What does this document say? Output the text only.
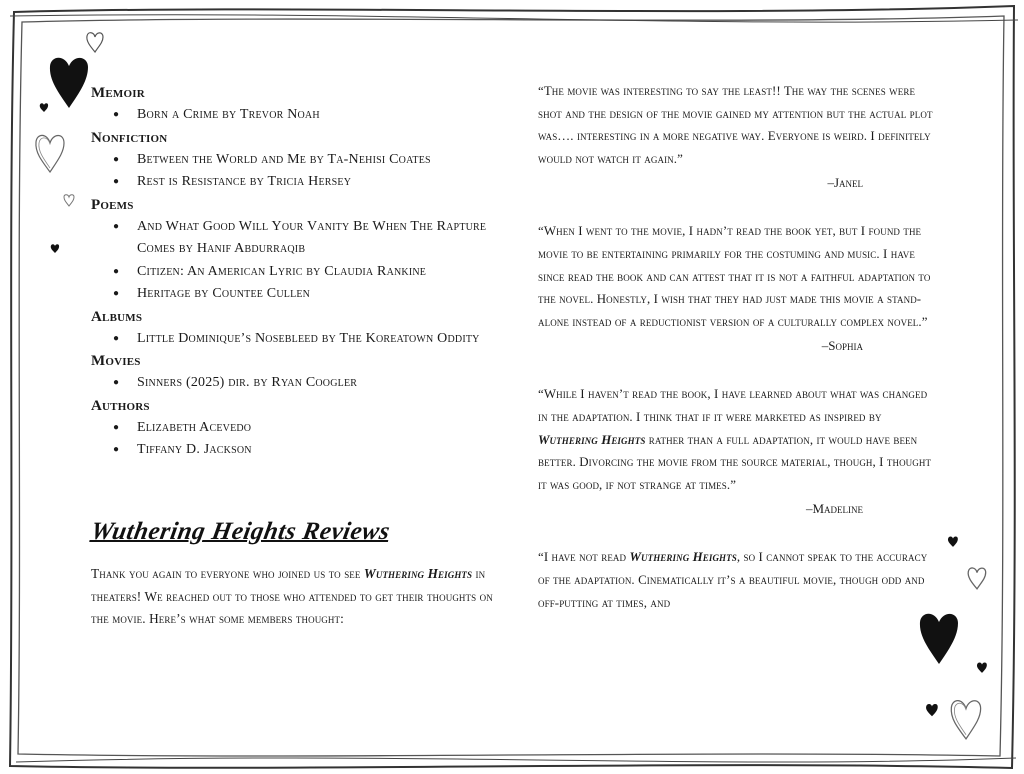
Memoir

● Born a Crime by Trevor Noah

Nonfiction

● Between the World and Me by Ta-Nehisi Coates
● Rest is Resistance by Tricia Hersey

Poems

● And What Good Will Your Vanity Be When The Rapture Comes by Hanif Abdurraqib
● Citizen: An American Lyric by Claudia Rankine
● Heritage by Countee Cullen

Albums

● Little Dominique’s Nosebleed by The Koreatown Oddity

Movies

● Sinners (2025) dir. by Ryan Coogler

Authors

● Elizabeth Acevedo
● Tiffany D. Jackson
Wuthering Heights Reviews

Thank you again to everyone who joined us to see Wuthering Heights in theaters! We reached out to those who attended to get their thoughts on the movie. Here’s what some members thought:

“The movie was interesting to say the least!! The way the scenes were shot and the design of the movie gained my attention but the actual plot was…. interesting in a more negative way. Everyone is weird. I definitely would not watch it again.”

–Janel

“When I went to the movie, I hadn’t read the book yet, but I found the movie to be entertaining primarily for the costuming and music. I have since read the book and can attest that it is not a faithful adaptation to the novel. Honestly, I wish that they had just made this movie a stand-alone instead of a reductionist version of a culturally complex novel.”

–Sophia

“While I haven’t read the book, I have learned about what was changed in the adaptation. I think that if it were marketed as inspired by Wuthering Heights rather than a full adaptation, it would have been better. Divorcing the movie from the source material, though, I thought it was good, if not strange at times.”

–Madeline

“I have not read Wuthering Heights, so I cannot speak to the accuracy of the adaptation. Cinematically it’s a beautiful movie, though odd and off-putting at times, and
